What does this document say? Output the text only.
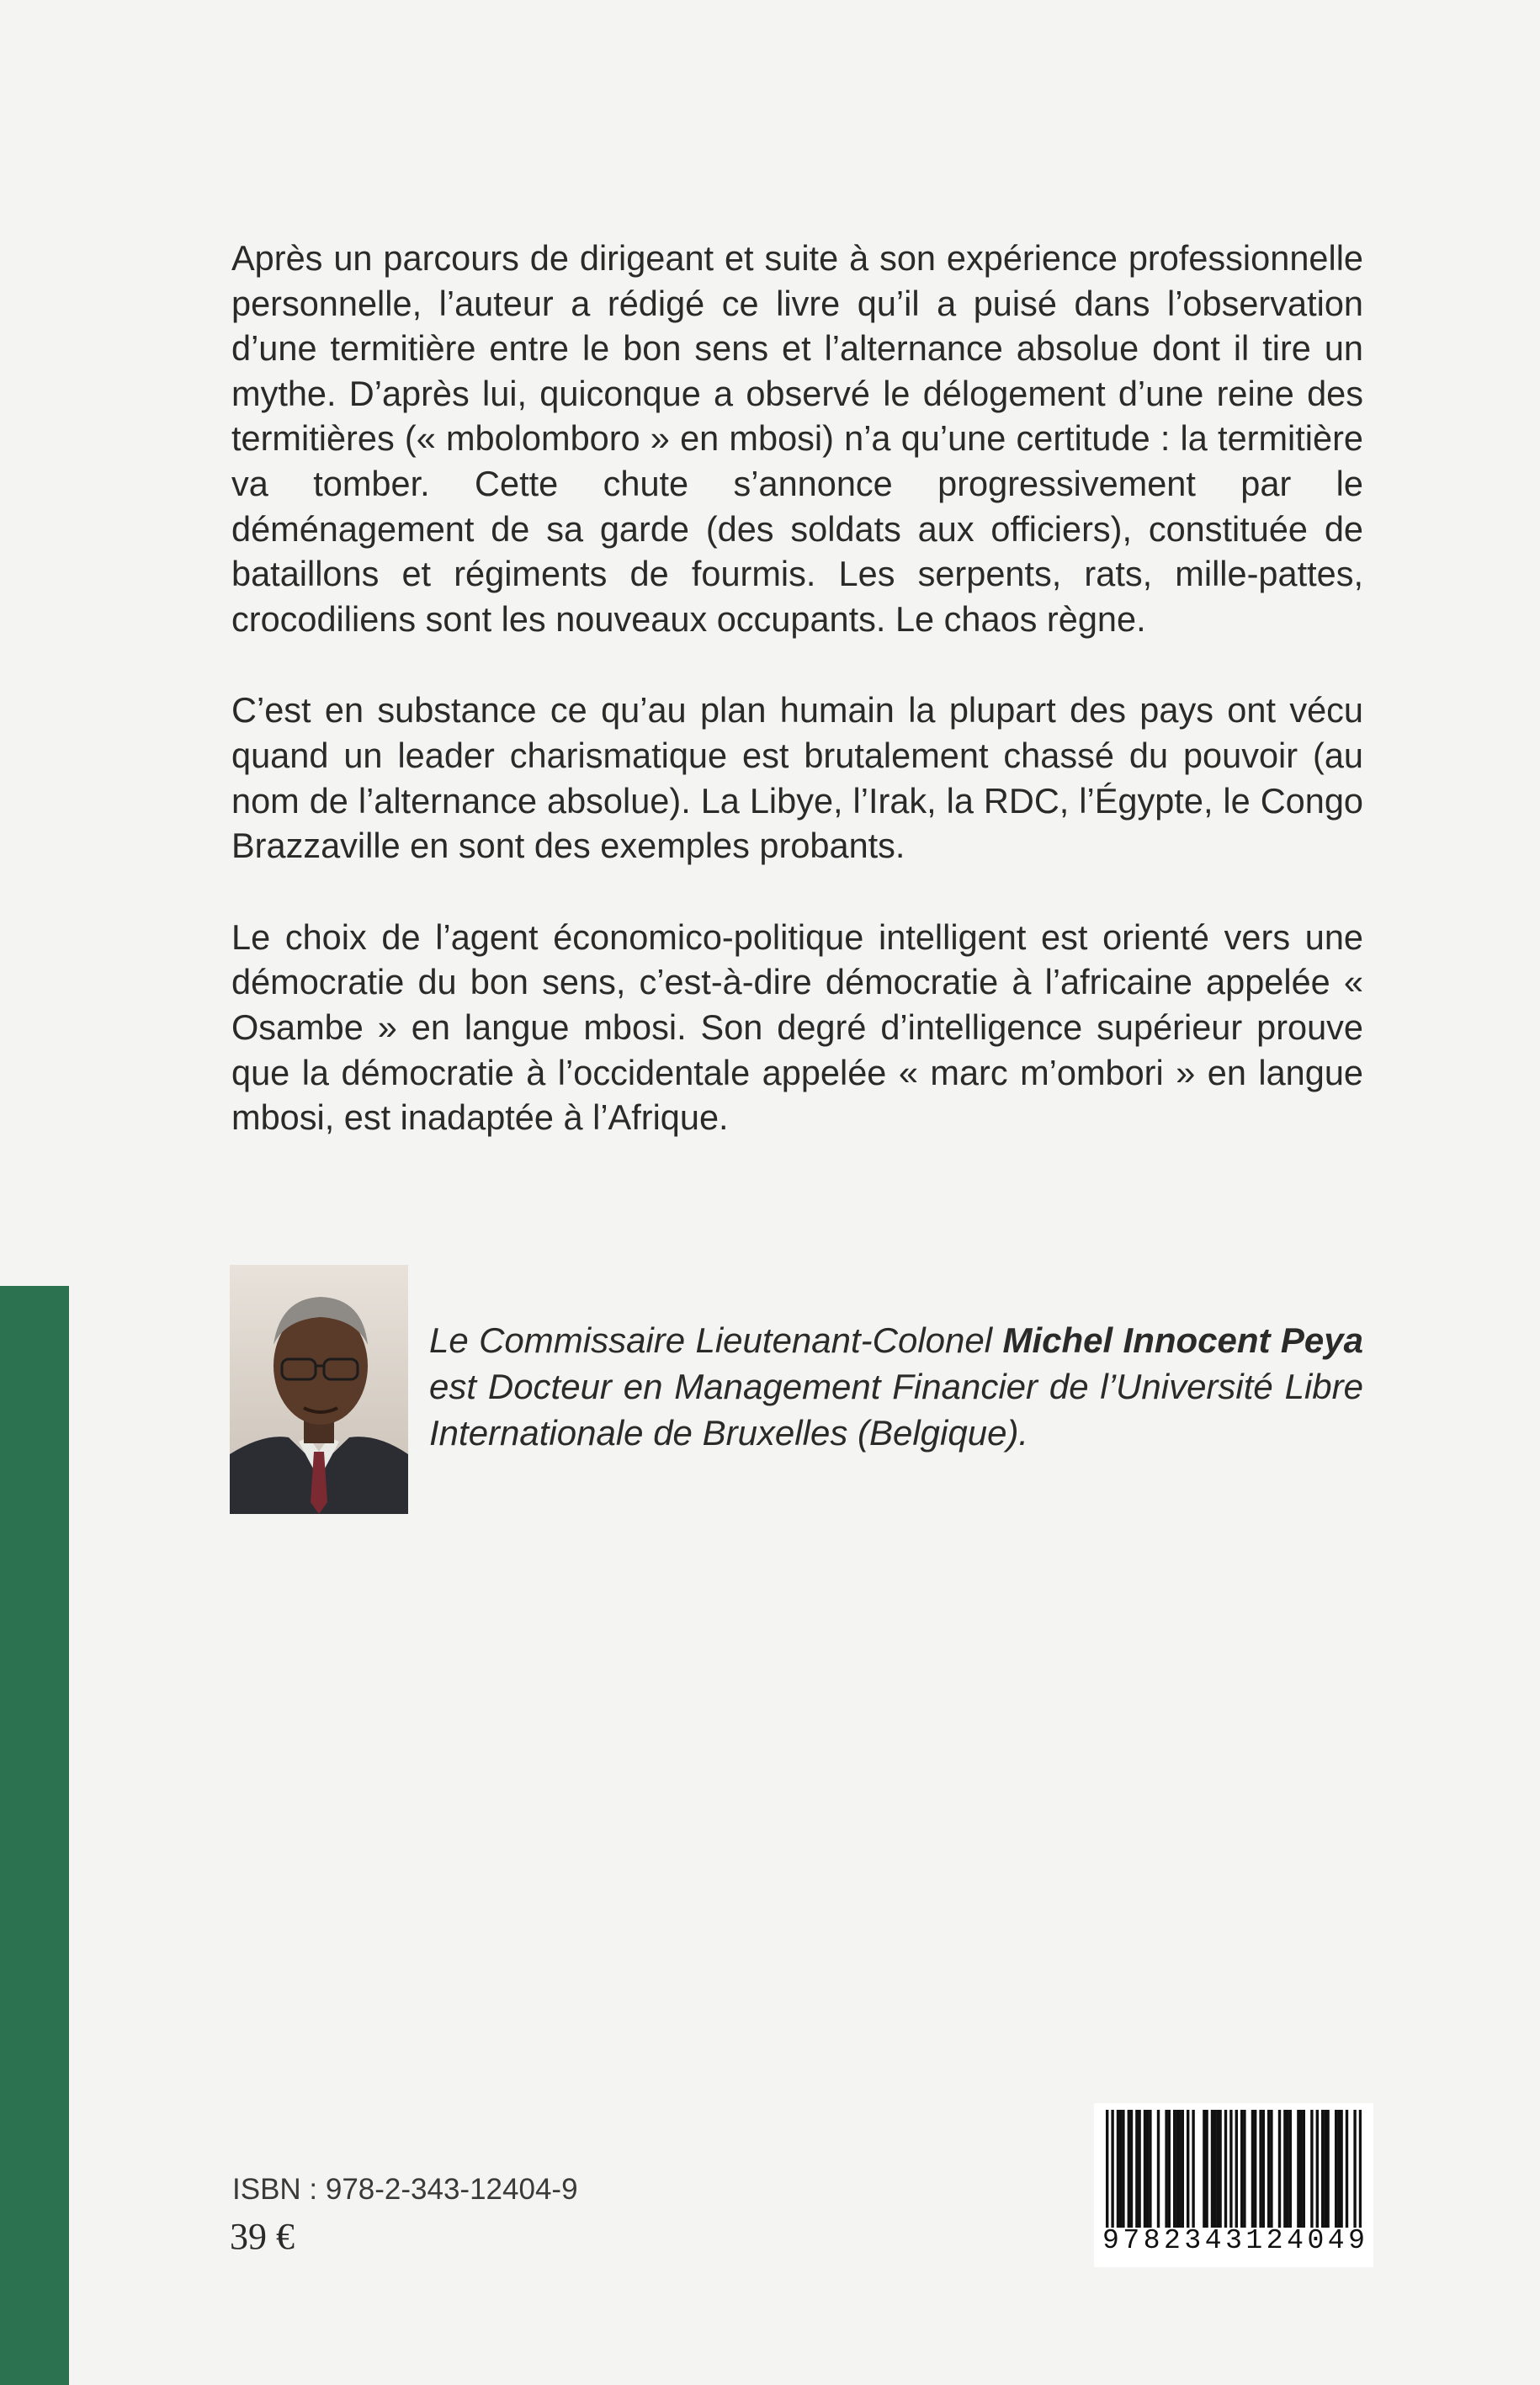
Après un parcours de dirigeant et suite à son expérience professionnelle personnelle, l’auteur a rédigé ce livre qu’il a puisé dans l’observation d’une termitière entre le bon sens et l’alternance absolue dont il tire un mythe. D’après lui, quiconque a observé le délogement d’une reine des termitières (« mbolomboro » en mbosi) n’a qu’une certitude : la termitière va tomber. Cette chute s’annonce progressivement par le déménagement de sa garde (des soldats aux officiers), constituée de bataillons et régiments de fourmis. Les serpents, rats, mille-pattes, crocodiliens sont les nouveaux occupants. Le chaos règne.

C’est en substance ce qu’au plan humain la plupart des pays ont vécu quand un leader charismatique est brutalement chassé du pouvoir (au nom de l’alternance absolue). La Libye, l’Irak, la RDC, l’Égypte, le Congo Brazzaville en sont des exemples probants.

Le choix de l’agent économico-politique intelligent est orienté vers une démocratie du bon sens, c’est-à-dire démocratie à l’africaine appelée « Osambe » en langue mbosi. Son degré d’intelligence supérieur prouve que la démocratie à l’occidentale appelée « marc m’ombori » en langue mbosi, est inadaptée à l’Afrique.

Le Commissaire Lieutenant-Colonel Michel Innocent Peya est Docteur en Management Financier de l’Université Libre Internationale de Bruxelles (Belgique).
ISBN : 978-2-343-12404-9
39 €	9 7 8 2 3 4 3 1 2 4 0 4 9
